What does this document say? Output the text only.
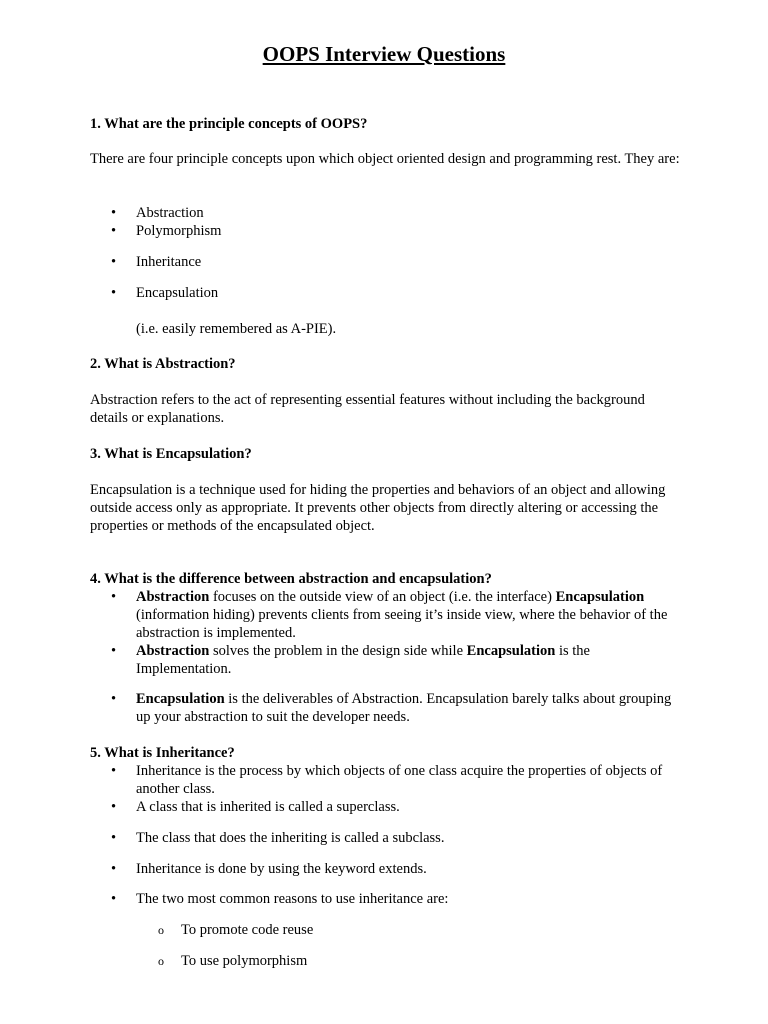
OOPS Interview Questions
1. What are the principle concepts of OOPS?
There are four principle concepts upon which object oriented design and programming rest. They are:
• Abstraction
• Polymorphism
• Inheritance
• Encapsulation
(i.e. easily remembered as A-PIE).
2. What is Abstraction?
Abstraction refers to the act of representing essential features without including the background details or explanations.
3. What is Encapsulation?
Encapsulation is a technique used for hiding the properties and behaviors of an object and allowing outside access only as appropriate. It prevents other objects from directly altering or accessing the properties or methods of the encapsulated object.
4. What is the difference between abstraction and encapsulation?
• Abstraction focuses on the outside view of an object (i.e. the interface) Encapsulation (information hiding) prevents clients from seeing it’s inside view, where the behavior of the abstraction is implemented.
• Abstraction solves the problem in the design side while Encapsulation is the Implementation.
• Encapsulation is the deliverables of Abstraction. Encapsulation barely talks about grouping up your abstraction to suit the developer needs.
5. What is Inheritance?
• Inheritance is the process by which objects of one class acquire the properties of objects of another class.
• A class that is inherited is called a superclass.
• The class that does the inheriting is called a subclass.
• Inheritance is done by using the keyword extends.
• The two most common reasons to use inheritance are:
o To promote code reuse
o To use polymorphism
